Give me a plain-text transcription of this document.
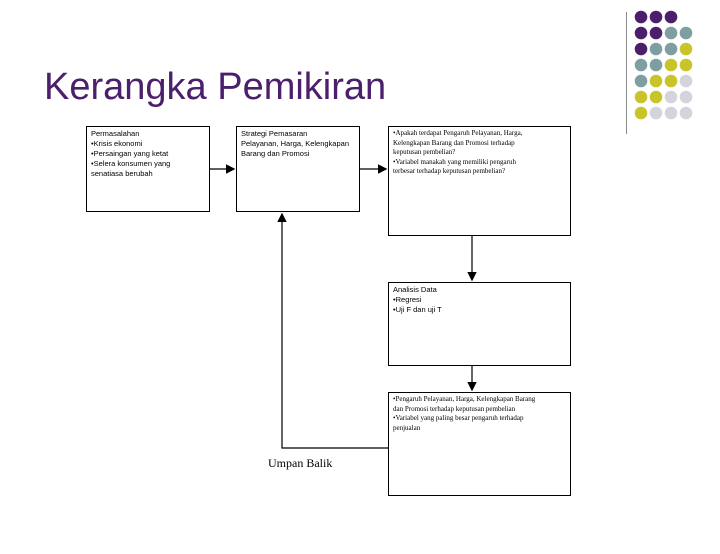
Kerangka Pemikiran
Permasalahan
•Krisis ekonomi
•Persaingan yang ketat
•Selera konsumen yang
senatiasa berubah
Strategi Pemasaran
Pelayanan, Harga, Kelengkapan
Barang dan Promosi
•Apakah terdapat Pengaruh Pelayanan, Harga,
Kelengkapan Barang dan Promosi terhadap
keputusan pembelian?
•Variabel manakah yang memiliki pengaruh
terbesar terhadap keputusan pembelian?
Analisis Data
•Regresi
•Uji F dan uji T
•Pengaruh Pelayanan, Harga, Kelengkapan Barang
dan Promosi terhadap keputusan pembelian
•Variabel yang paling besar pengaruh terhadap
penjualan
Umpan Balik
